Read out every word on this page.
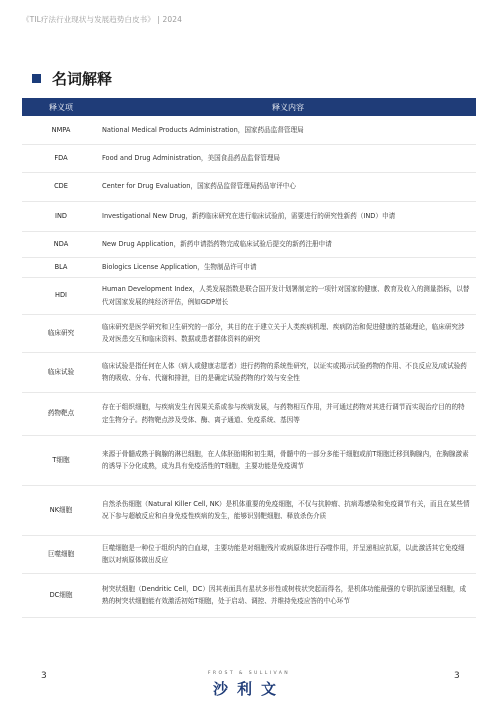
《TIL疗法行业现状与发展趋势白皮书》 | 2024
名词解释
释义项	释义内容
NMPA	National Medical Products Administration，国家药品监督管理局
FDA	Food and Drug Administration，美国食品药品监督管理局
CDE	Center for Drug Evaluation，国家药品监督管理局药品审评中心
IND	Investigational New Drug，新药临床研究在进行临床试验前，需要进行的研究性新药（IND）申请
NDA	New Drug Application，新药申请指药物完成临床试验后提交的新药注册申请
BLA	Biologics License Application，生物制品许可申请
HDI	Human Development Index，人类发展指数是联合国开发计划署制定的一项针对国家的健康、教育及收入的测量指标，以替代对国家发展的纯经济评估，例如GDP增长
临床研究	临床研究是医学研究和卫生研究的一部分，其目的在于建立关于人类疾病机理、疾病防治和促进健康的基础理论，临床研究涉及对医患交互和临床资料、数据或患者群体资料的研究
临床试验	临床试验是指任何在人体（病人或健康志愿者）进行药物的系统性研究，以证实或揭示试验药物的作用、不良反应及/或试验药物的吸收、分布、代谢和排泄，目的是确定试验药物的疗效与安全性
药物靶点	存在于组织细胞，与疾病发生有因果关系或参与疾病发展，与药物相互作用，并可通过药物对其进行调节而实现治疗目的的特定生物分子。药物靶点涉及受体、酶、离子通道、免疫系统、基因等
T细胞	来源于骨髓成熟于胸腺的淋巴细胞，在人体胚胎期和初生期，骨髓中的一部分多能干细胞或前T细胞迁移到胸腺内，在胸腺激素的诱导下分化成熟，成为具有免疫活性的T细胞，主要功能是免疫调节
NK细胞	自然杀伤细胞（Natural Killer Cell, NK）是机体重要的免疫细胞，不仅与抗肿瘤、抗病毒感染和免疫调节有关，而且在某些情况下参与超敏反应和自身免疫性疾病的发生，能够识别靶细胞、释放杀伤介质
巨噬细胞	巨噬细胞是一种位于组织内的白血球，主要功能是对细胞残片或病原体进行吞噬作用，并呈递相应抗原，以此激活其它免疫细胞以对病原体做出反应
DC细胞	树突状细胞（Dendritic Cell，DC）因其表面具有星状多形性或树枝状突起而得名，是机体功能最强的专职抗原递呈细胞，成熟的树突状细胞能有效激活初始T细胞，处于启动、调控、并维持免疫应答的中心环节
3	FROST & SULLIVAN
沙利文
3
